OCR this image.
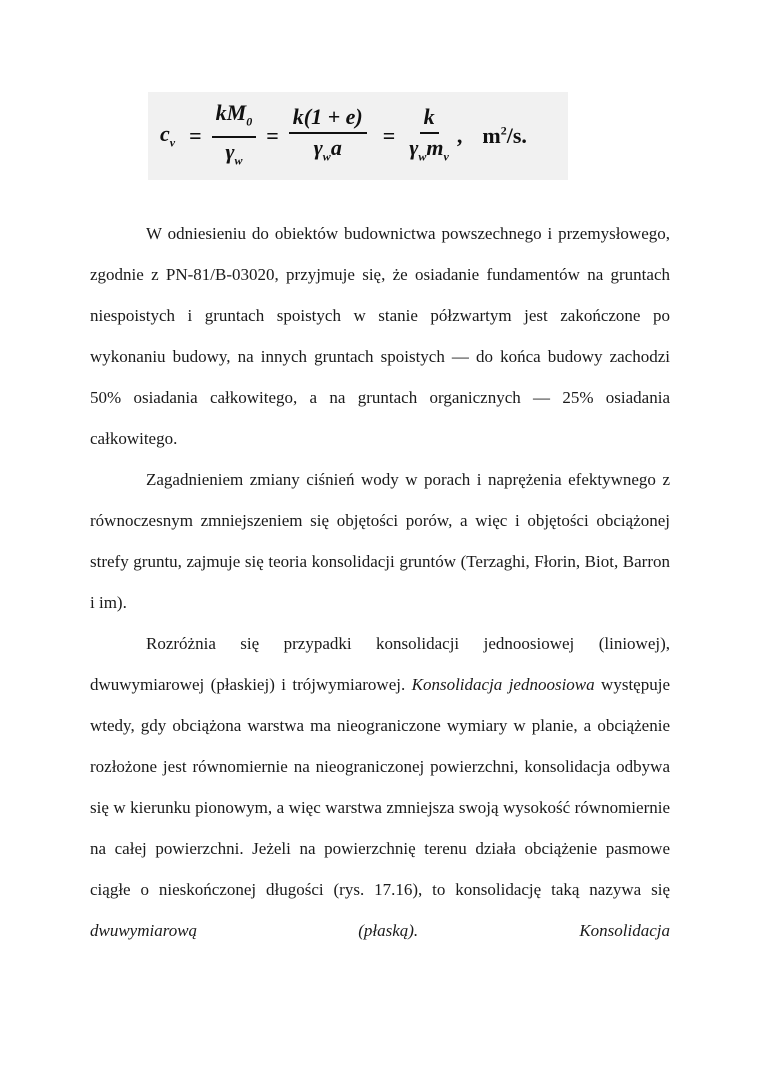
$c_v = \frac{kM_0}{\gamma_w} = \frac{k(1 + e)}{\gamma_wa} = \frac{k}{\gamma_wm_v}$ , $m^2/s$.

W odniesieniu do obiektów budownictwa powszechnego i przemysłowego, zgodnie z PN-81/B-03020, przyjmuje się, że osiadanie fundamentów na gruntach niespoistych i gruntach spoistych w stanie półzwartym jest zakończone po wykonaniu budowy, na innych gruntach spoistych — do końca budowy zachodzi 50% osiadania całkowitego, a na gruntach organicznych — 25% osiadania całkowitego.

Zagadnieniem zmiany ciśnień wody w porach i naprężenia efektywnego z równoczesnym zmniejszeniem się objętości porów, a więc i objętości obciążonej strefy gruntu, zajmuje się teoria konsolidacji gruntów (Terzaghi, Fłorin, Biot, Barron i im).

Rozróżnia się przypadki konsolidacji jednoosiowej (liniowej), dwuwymiarowej (płaskiej) i trójwymiarowej. Konsolidacja jednoosiowa występuje wtedy, gdy obciążona warstwa ma nieograniczone wymiary w planie, a obciążenie rozłożone jest równomiernie na nieograniczonej powierzchni, konsolidacja odbywa się w kierunku pionowym, a więc warstwa zmniejsza swoją wysokość równomiernie na całej powierzchni. Jeżeli na powierzchnię terenu działa obciążenie pasmowe ciągłe o nieskończonej długości (rys. 17.16), to konsolidację taką nazywa się dwuwymiarową (płaską). Konsolidacja
